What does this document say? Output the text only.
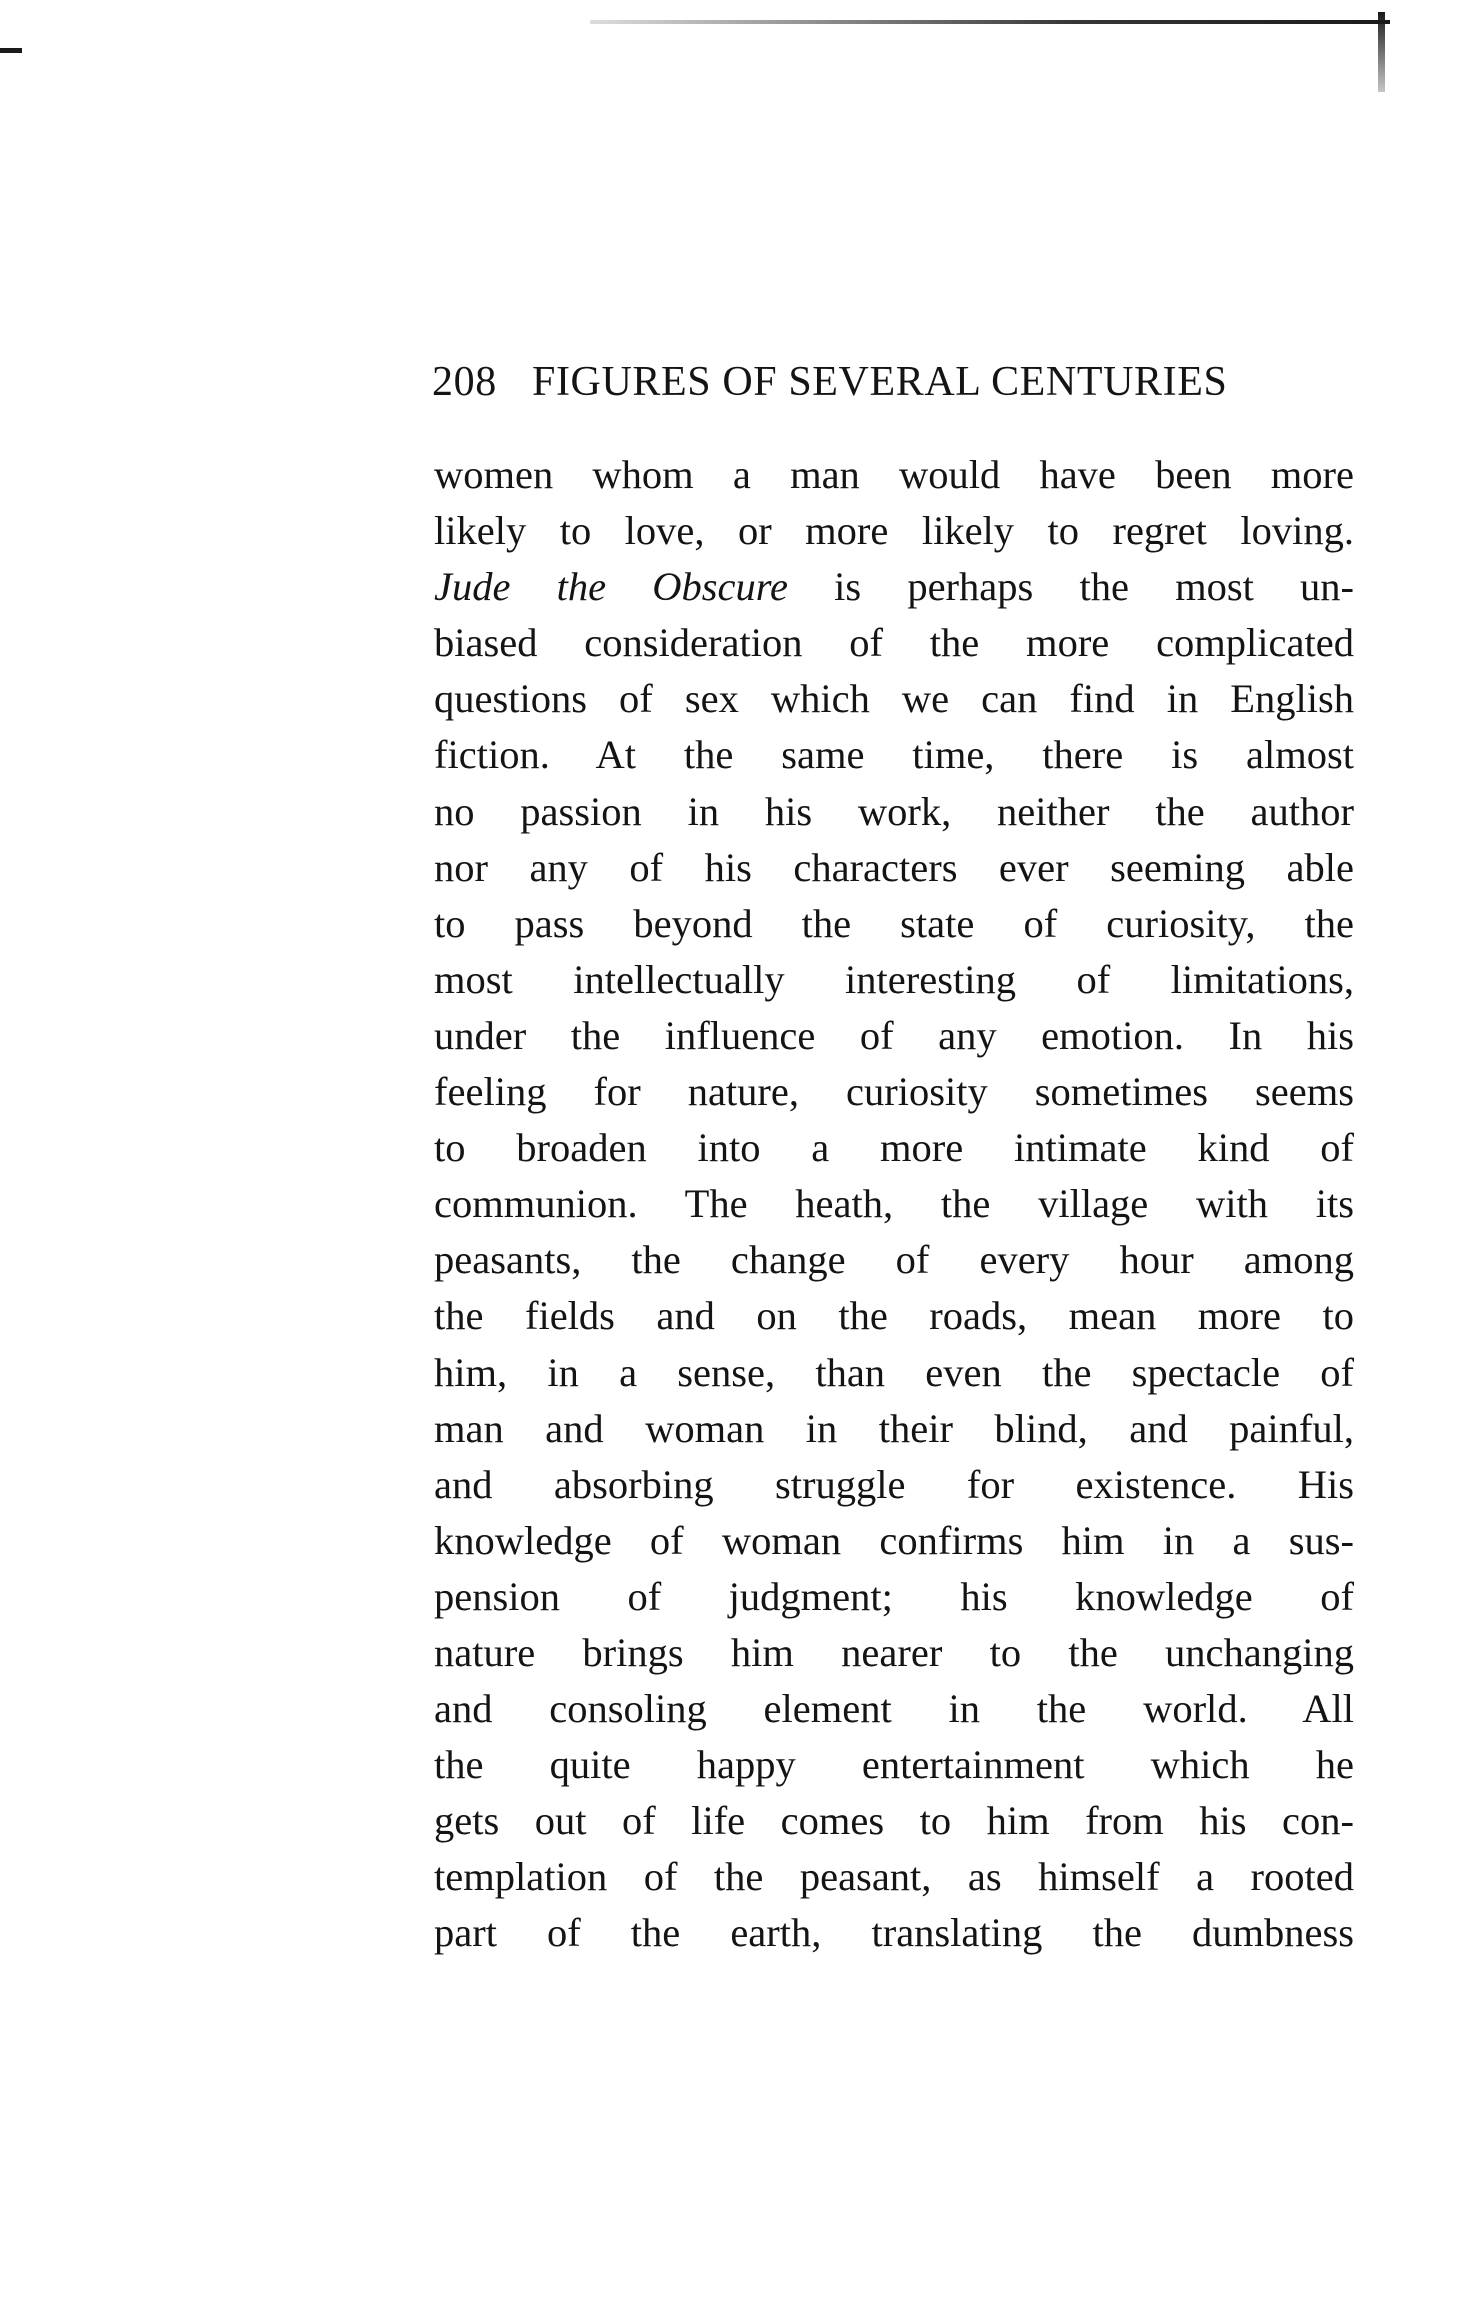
208 FIGURES OF SEVERAL CENTURIES
women whom a man would have been more
likely to love, or more likely to regret loving.
Jude the Obscure is perhaps the most un-
biased consideration of the more complicated
questions of sex which we can find in English
fiction. At the same time, there is almost
no passion in his work, neither the author
nor any of his characters ever seeming able
to pass beyond the state of curiosity, the
most intellectually interesting of limitations,
under the influence of any emotion. In his
feeling for nature, curiosity sometimes seems
to broaden into a more intimate kind of
communion. The heath, the village with its
peasants, the change of every hour among
the fields and on the roads, mean more to
him, in a sense, than even the spectacle of
man and woman in their blind, and painful,
and absorbing struggle for existence. His
knowledge of woman confirms him in a sus-
pension of judgment; his knowledge of
nature brings him nearer to the unchanging
and consoling element in the world. All
the quite happy entertainment which he
gets out of life comes to him from his con-
templation of the peasant, as himself a rooted
part of the earth, translating the dumbness
